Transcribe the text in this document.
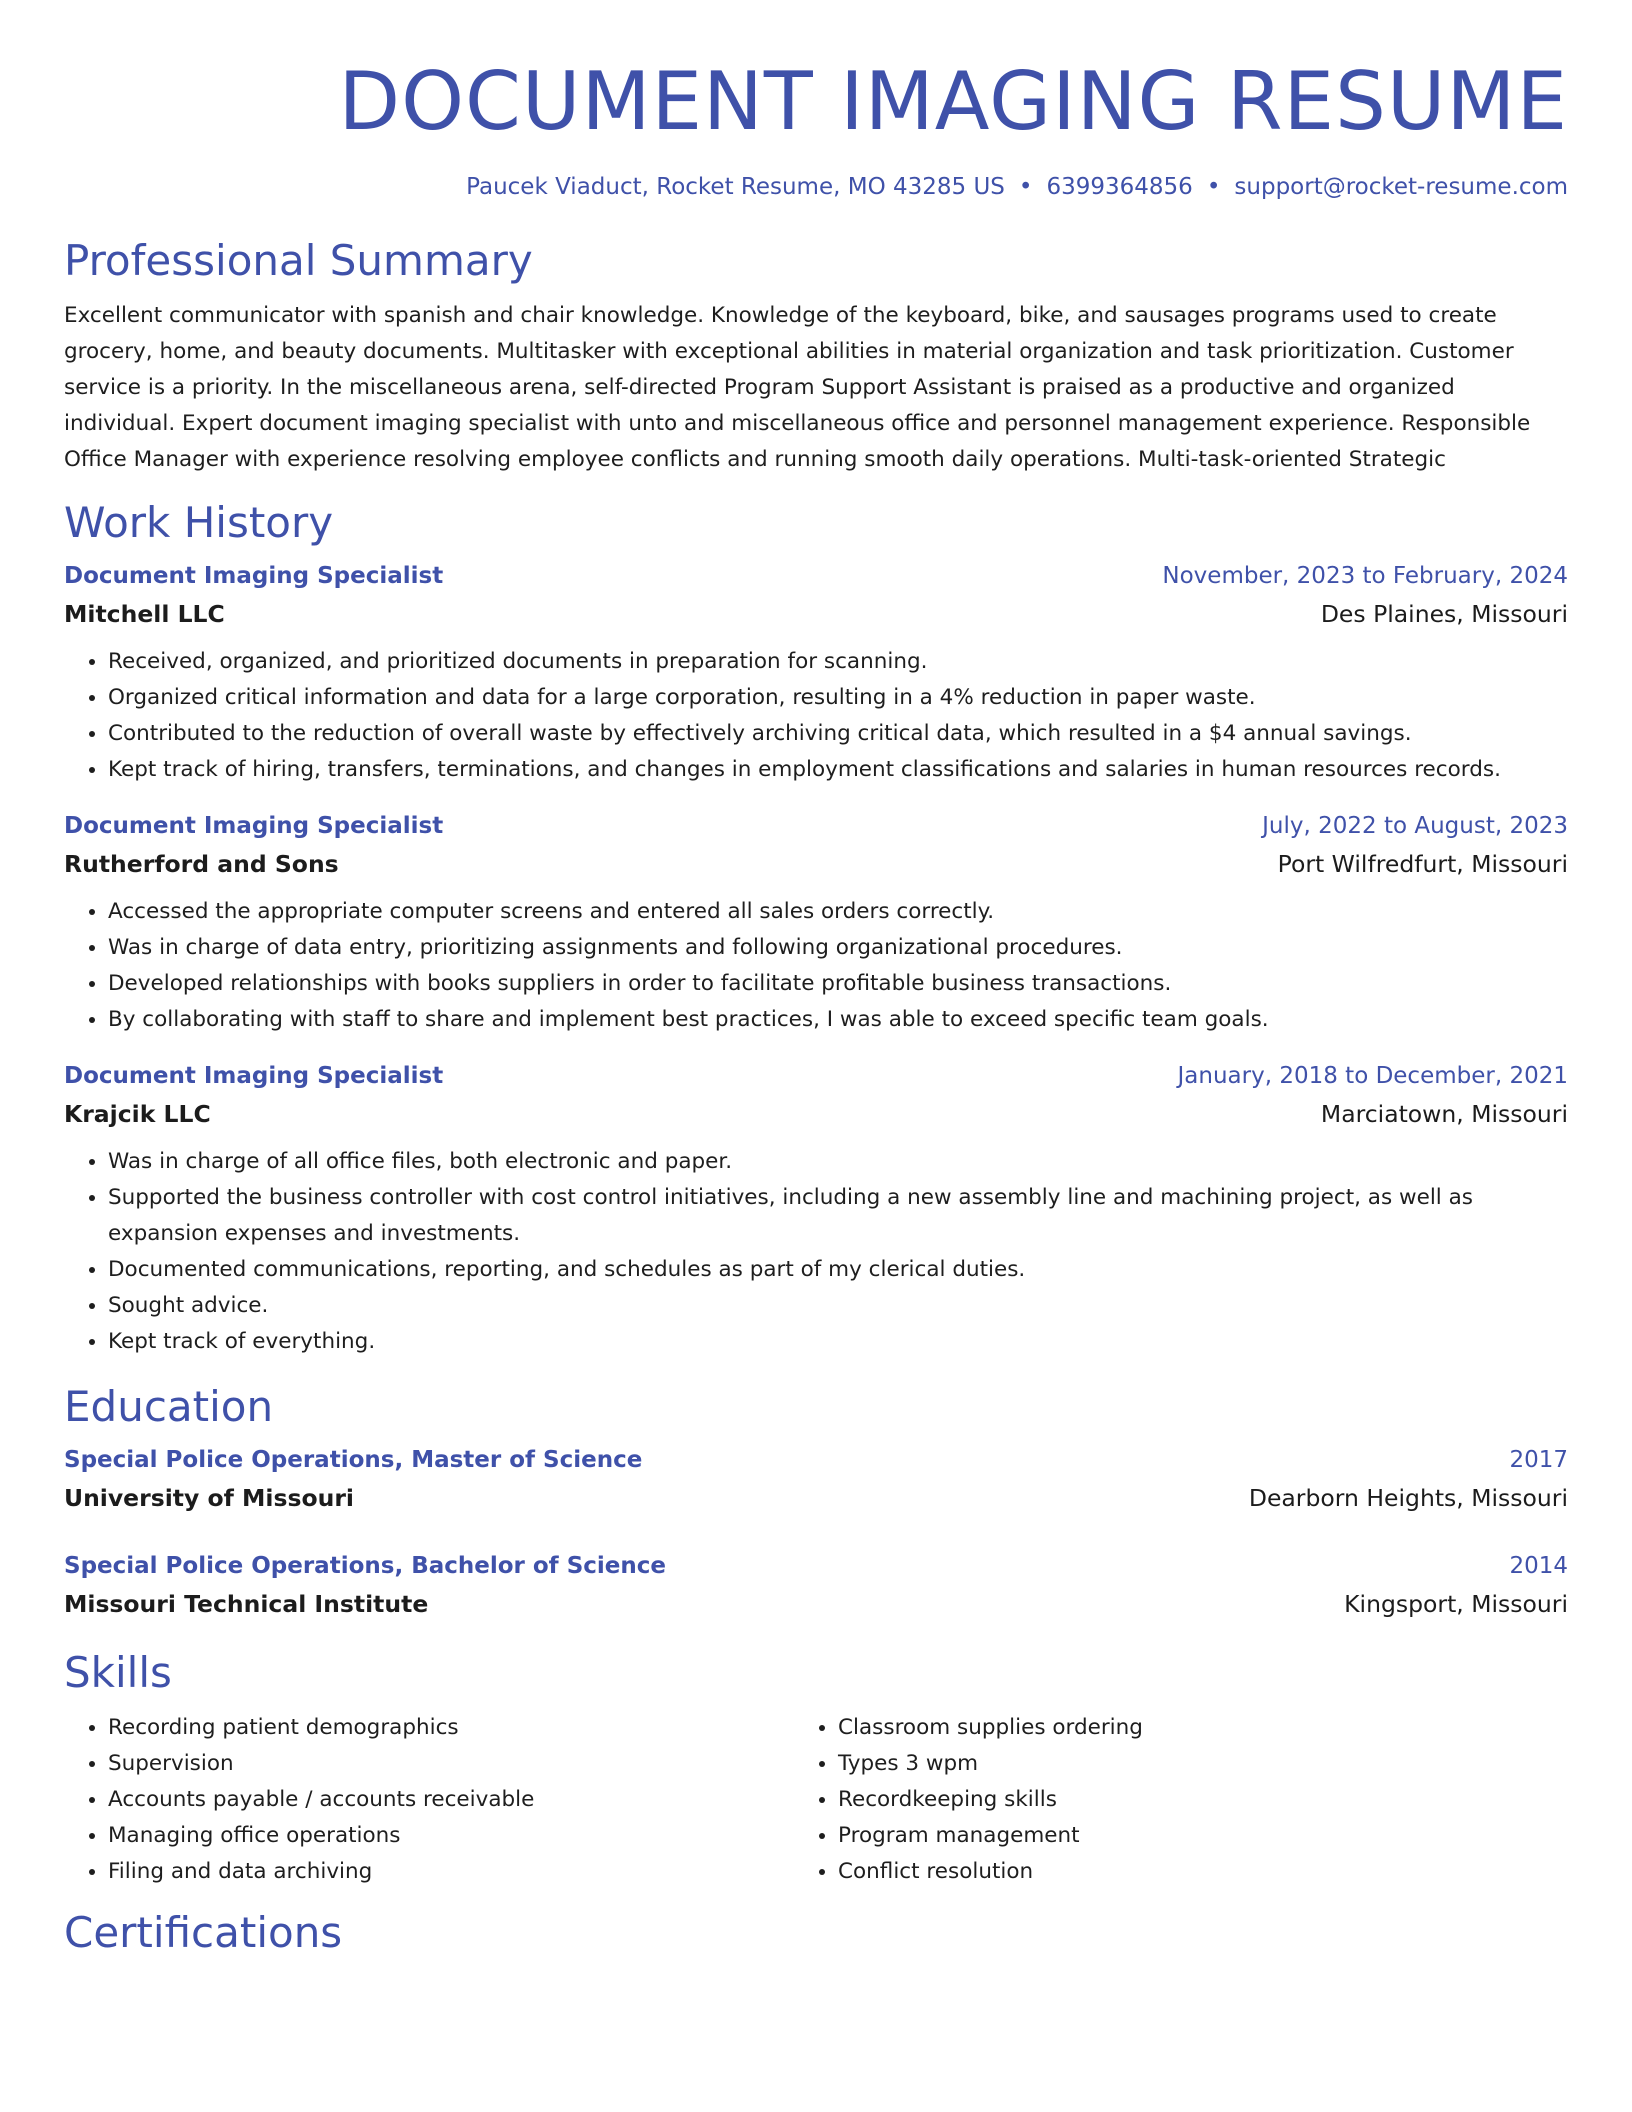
DOCUMENT IMAGING RESUME
Paucek Viaduct, Rocket Resume, MO 43285 US • 6399364856 • support@rocket-resume.com
Professional Summary

Excellent communicator with spanish and chair knowledge. Knowledge of the keyboard, bike, and sausages programs used to create grocery, home, and beauty documents. Multitasker with exceptional abilities in material organization and task prioritization. Customer service is a priority. In the miscellaneous arena, self-directed Program Support Assistant is praised as a productive and organized individual. Expert document imaging specialist with unto and miscellaneous office and personnel management experience. Responsible Office Manager with experience resolving employee conflicts and running smooth daily operations. Multi-task-oriented Strategic

Work History
Document Imaging Specialist	November, 2023 to February, 2024
Mitchell LLC	Des Plaines, Missouri
• Received, organized, and prioritized documents in preparation for scanning.
• Organized critical information and data for a large corporation, resulting in a 4% reduction in paper waste.
• Contributed to the reduction of overall waste by effectively archiving critical data, which resulted in a $4 annual savings.
• Kept track of hiring, transfers, terminations, and changes in employment classifications and salaries in human resources records.
Document Imaging Specialist	July, 2022 to August, 2023
Rutherford and Sons	Port Wilfredfurt, Missouri
• Accessed the appropriate computer screens and entered all sales orders correctly.
• Was in charge of data entry, prioritizing assignments and following organizational procedures.
• Developed relationships with books suppliers in order to facilitate profitable business transactions.
• By collaborating with staff to share and implement best practices, I was able to exceed specific team goals.
Document Imaging Specialist	January, 2018 to December, 2021
Krajcik LLC	Marciatown, Missouri
• Was in charge of all office files, both electronic and paper.
• Supported the business controller with cost control initiatives, including a new assembly line and machining project, as well as expansion expenses and investments.
• Documented communications, reporting, and schedules as part of my clerical duties.
• Sought advice.
• Kept track of everything.
Education
Special Police Operations, Master of Science	2017
University of Missouri	Dearborn Heights, Missouri
Special Police Operations, Bachelor of Science	2014
Missouri Technical Institute	Kingsport, Missouri
Skills
• Recording patient demographics
• Supervision
• Accounts payable / accounts receivable
• Managing office operations
• Filing and data archiving
• Classroom supplies ordering
• Types 3 wpm
• Recordkeeping skills
• Program management
• Conflict resolution
Certifications
